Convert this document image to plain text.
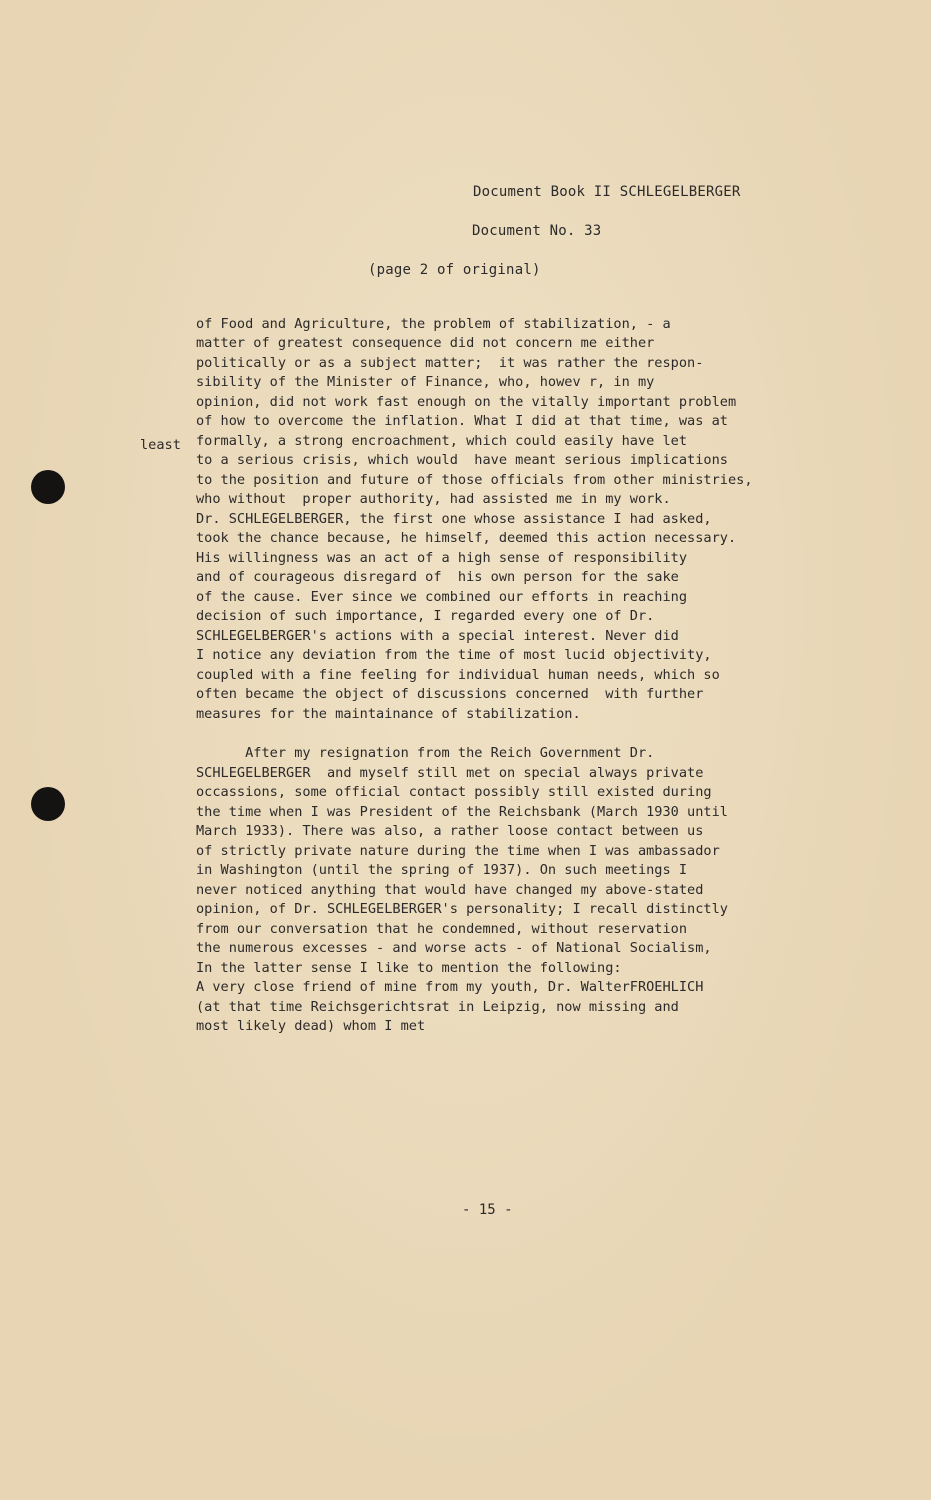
Document Book II SCHLEGELBERGER
Document No. 33
(page 2 of original)
least
of Food and Agriculture, the problem of stabilization, - a
matter of greatest consequence did not concern me either
politically or as a subject matter;  it was rather the respon-
sibility of the Minister of Finance, who, howev r, in my
opinion, did not work fast enough on the vitally important problem
of how to overcome the inflation. What I did at that time, was at
formally, a strong encroachment, which could easily have let
to a serious crisis, which would  have meant serious implications
to the position and future of those officials from other ministries,
who without  proper authority, had assisted me in my work.
Dr. SCHLEGELBERGER, the first one whose assistance I had asked,
took the chance because, he himself, deemed this action necessary.
His willingness was an act of a high sense of responsibility
and of courageous disregard of  his own person for the sake
of the cause. Ever since we combined our efforts in reaching
decision of such importance, I regarded every one of Dr.
SCHLEGELBERGER's actions with a special interest. Never did
I notice any deviation from the time of most lucid objectivity,
coupled with a fine feeling for individual human needs, which so
often became the object of discussions concerned  with further
measures for the maintainance of stabilization.
After my resignation from the Reich Government Dr.
SCHLEGELBERGER  and myself still met on special always private
occassions, some official contact possibly still existed during
the time when I was President of the Reichsbank (March 1930 until
March 1933). There was also, a rather loose contact between us
of strictly private nature during the time when I was ambassador
in Washington (until the spring of 1937). On such meetings I
never noticed anything that would have changed my above-stated
opinion, of Dr. SCHLEGELBERGER's personality; I recall distinctly
from our conversation that he condemned, without reservation
the numerous excesses - and worse acts - of National Socialism,
In the latter sense I like to mention the following:
A very close friend of mine from my youth, Dr. WalterFROEHLICH
(at that time Reichsgerichtsrat in Leipzig, now missing and
most likely dead) whom I met
- 15 -
